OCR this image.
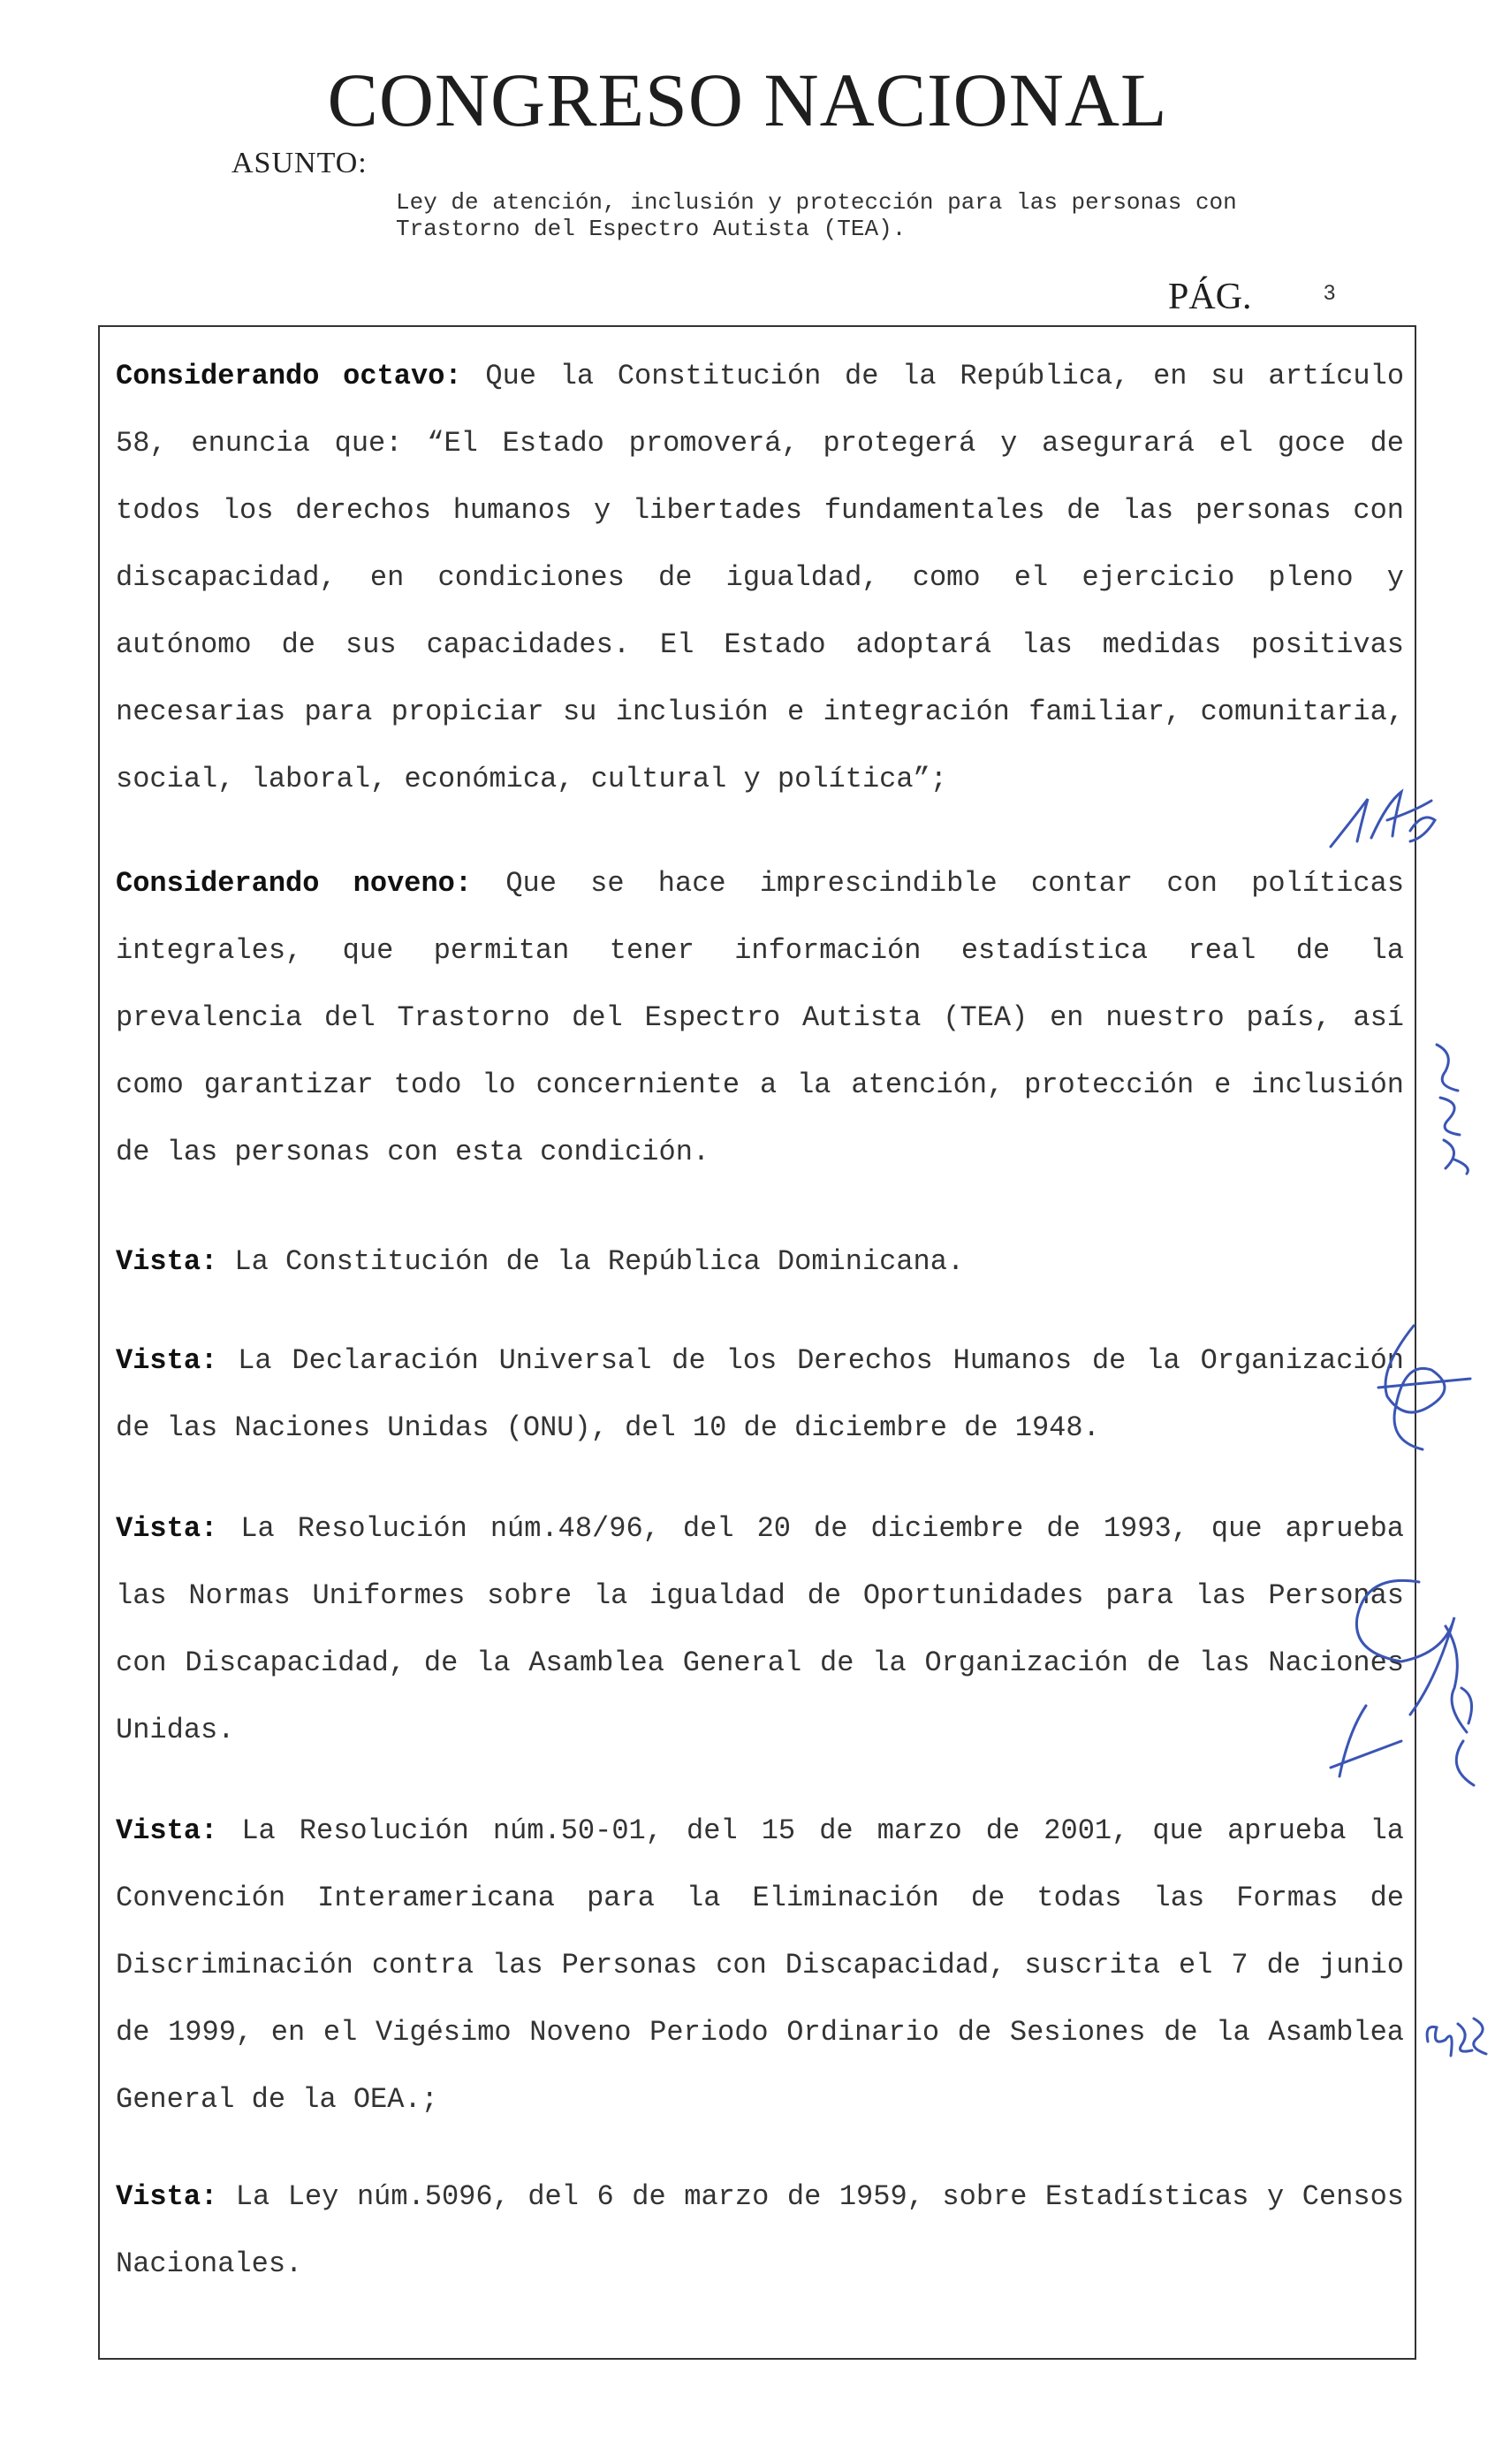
CONGRESO NACIONAL
ASUNTO:
Ley de atención, inclusión y protección para las personas con
Trastorno del Espectro Autista (TEA).
PÁG.	3
Considerando octavo: Que la Constitución de la República, en su artículo 58, enuncia que: “El Estado promoverá, protegerá y asegurará el goce de todos los derechos humanos y libertades fundamentales de las personas con discapacidad, en condiciones de igualdad, como el ejercicio pleno y autónomo de sus capacidades. El Estado adoptará las medidas positivas necesarias para propiciar su inclusión e integración familiar, comunitaria, social, laboral, económica, cultural y política”;
Considerando noveno: Que se hace imprescindible contar con políticas integrales, que permitan tener información estadística real de la prevalencia del Trastorno del Espectro Autista (TEA) en nuestro país, así como garantizar todo lo concerniente a la atención, protección e inclusión de las personas con esta condición.
Vista: La Constitución de la República Dominicana.
Vista: La Declaración Universal de los Derechos Humanos de la Organización de las Naciones Unidas (ONU), del 10 de diciembre de 1948.
Vista: La Resolución núm.48/96, del 20 de diciembre de 1993, que aprueba las Normas Uniformes sobre la igualdad de Oportunidades para las Personas con Discapacidad, de la Asamblea General de la Organización de las Naciones Unidas.
Vista: La Resolución núm.50-01, del 15 de marzo de 2001, que aprueba la Convención Interamericana para la Eliminación de todas las Formas de Discriminación contra las Personas con Discapacidad, suscrita el 7 de junio de 1999, en el Vigésimo Noveno Periodo Ordinario de Sesiones de la Asamblea General de la OEA.;
Vista: La Ley núm.5096, del 6 de marzo de 1959, sobre Estadísticas y Censos Nacionales.
